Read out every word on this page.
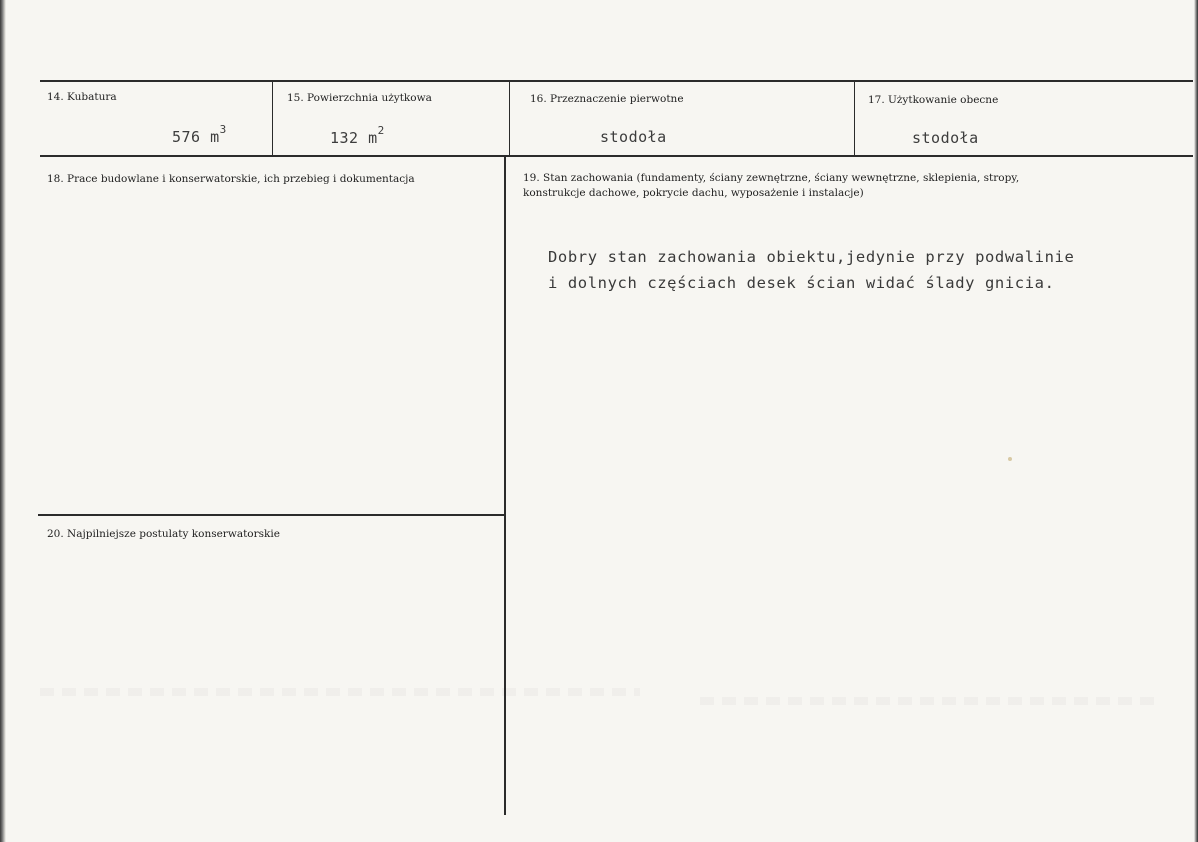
14. Kubatura
576 $m^3$
15. Powierzchnia użytkowa
132 $m^2$
16. Przeznaczenie pierwotne
stodoła
17. Użytkowanie obecne
stodoła
18. Prace budowlane i konserwatorskie, ich przebieg i dokumentacja	19. Stan zachowania (fundamenty, ściany zewnętrzne, ściany wewnętrzne, sklepienia, stropy, konstrukcje dachowe, pokrycie dachu, wyposażenie i instalacje)
Dobry stan zachowania obiektu,jedynie przy podwalinie
i dolnych częściach desek ścian widać ślady gnicia.
20. Najpilniejsze postulaty konserwatorskie
